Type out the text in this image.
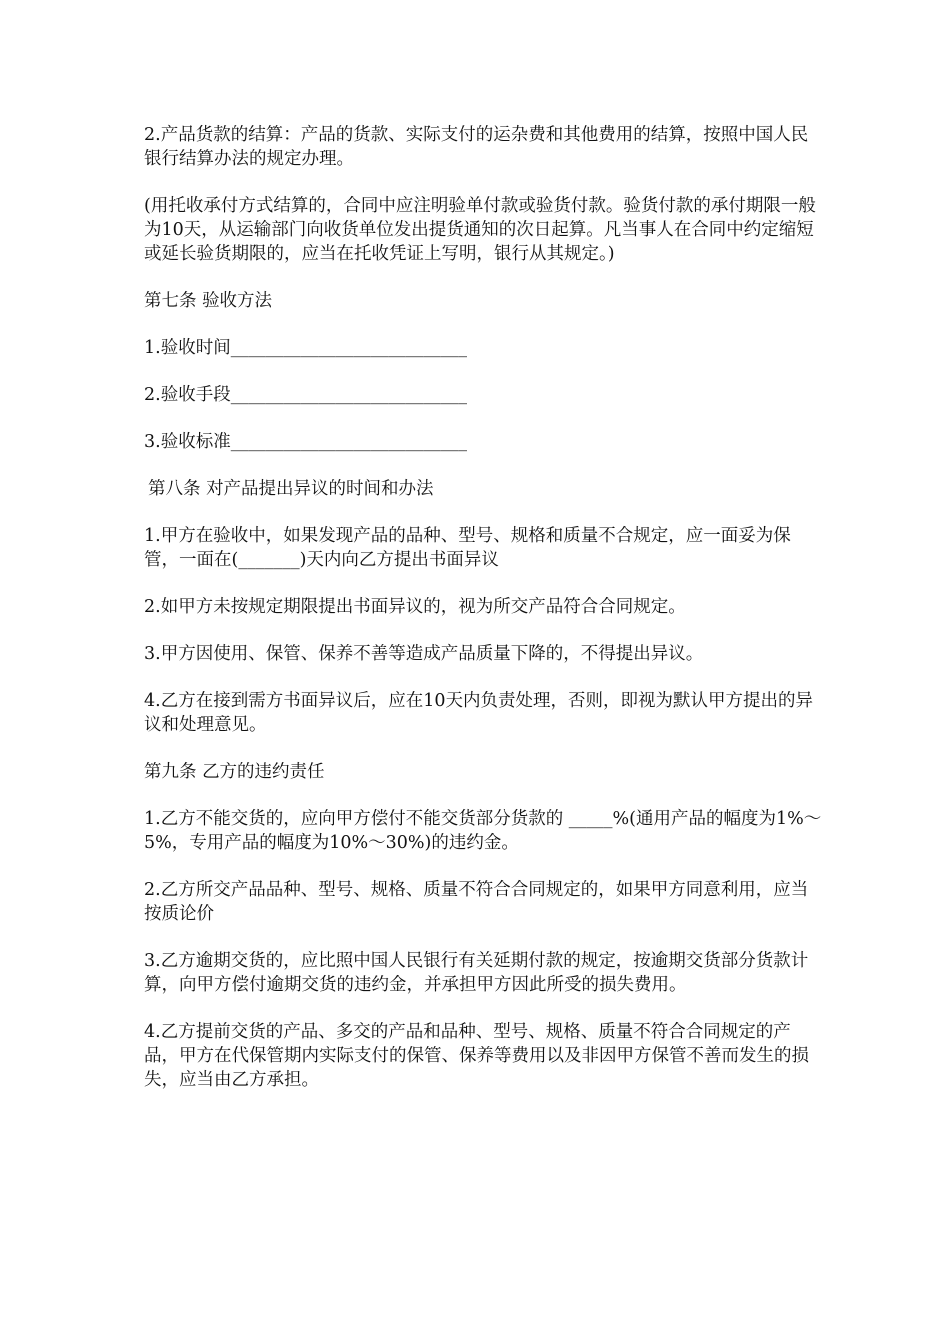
2.产品货款的结算：产品的货款、实际支付的运杂费和其他费用的结算，按照中国人民银行结算办法的规定办理。

(用托收承付方式结算的，合同中应注明验单付款或验货付款。验货付款的承付期限一般为10天，从运输部门向收货单位发出提货通知的次日起算。凡当事人在合同中约定缩短或延长验货期限的，应当在托收凭证上写明，银行从其规定。)

第七条 验收方法

1.验收时间___________________________

2.验收手段___________________________

3.验收标准___________________________

第八条 对产品提出异议的时间和办法

1.甲方在验收中，如果发现产品的品种、型号、规格和质量不合规定，应一面妥为保管，一面在(_______)天内向乙方提出书面异议

2.如甲方未按规定期限提出书面异议的，视为所交产品符合合同规定。

3.甲方因使用、保管、保养不善等造成产品质量下降的，不得提出异议。

4.乙方在接到需方书面异议后，应在10天内负责处理，否则，即视为默认甲方提出的异议和处理意见。

第九条 乙方的违约责任

1.乙方不能交货的，应向甲方偿付不能交货部分货款的 _____%(通用产品的幅度为1%～5%，专用产品的幅度为10%～30%)的违约金。

2.乙方所交产品品种、型号、规格、质量不符合合同规定的，如果甲方同意利用，应当按质论价

3.乙方逾期交货的，应比照中国人民银行有关延期付款的规定，按逾期交货部分货款计算，向甲方偿付逾期交货的违约金，并承担甲方因此所受的损失费用。

4.乙方提前交货的产品、多交的产品和品种、型号、规格、质量不符合合同规定的产品，甲方在代保管期内实际支付的保管、保养等费用以及非因甲方保管不善而发生的损失，应当由乙方承担。
